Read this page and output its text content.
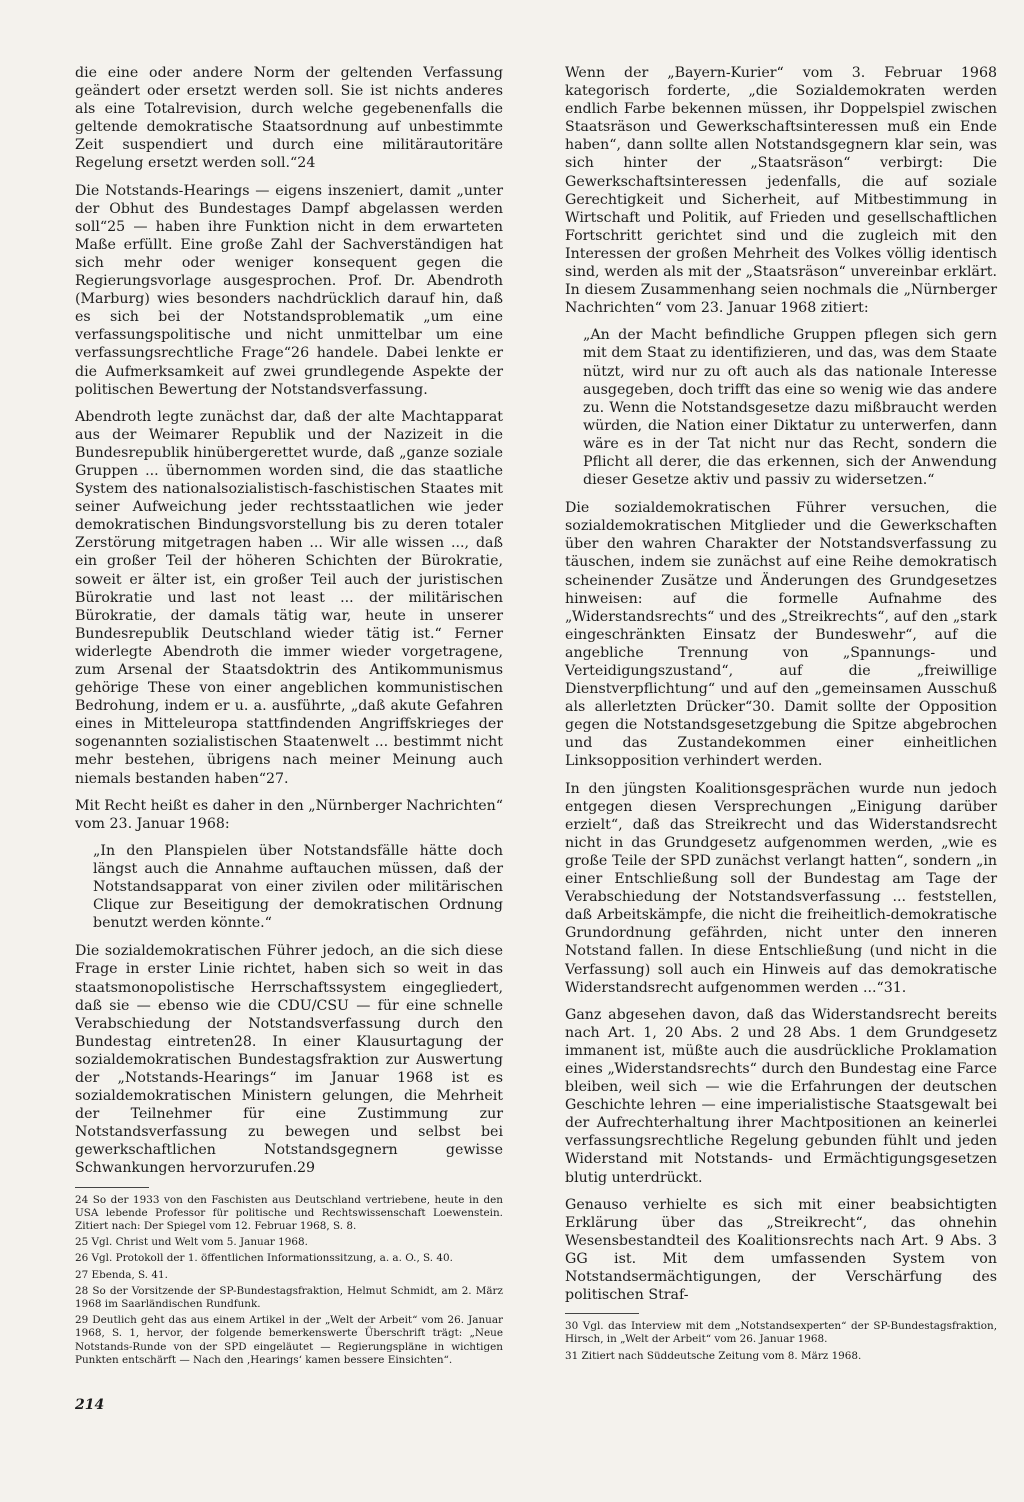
die eine oder andere Norm der geltenden Verfassung geändert oder ersetzt werden soll. Sie ist nichts anderes als eine Totalrevision, durch welche gegebenenfalls die geltende demokratische Staatsordnung auf unbestimmte Zeit suspendiert und durch eine militärautoritäre Regelung ersetzt werden soll.“24

Die Notstands-Hearings — eigens inszeniert, damit „unter der Obhut des Bundestages Dampf abgelassen werden soll“25 — haben ihre Funktion nicht in dem erwarteten Maße erfüllt. Eine große Zahl der Sachverständigen hat sich mehr oder weniger konsequent gegen die Regierungsvorlage ausgesprochen. Prof. Dr. Abendroth (Marburg) wies besonders nachdrücklich darauf hin, daß es sich bei der Notstandsproblematik „um eine verfassungspolitische und nicht unmittelbar um eine verfassungsrechtliche Frage“26 handele. Dabei lenkte er die Aufmerksamkeit auf zwei grundlegende Aspekte der politischen Bewertung der Notstandsverfassung.

Abendroth legte zunächst dar, daß der alte Machtapparat aus der Weimarer Republik und der Nazizeit in die Bundesrepublik hinübergerettet wurde, daß „ganze soziale Gruppen ... übernommen worden sind, die das staatliche System des nationalsozialistisch-faschistischen Staates mit seiner Aufweichung jeder rechtsstaatlichen wie jeder demokratischen Bindungsvorstellung bis zu deren totaler Zerstörung mitgetragen haben ... Wir alle wissen ..., daß ein großer Teil der höheren Schichten der Bürokratie, soweit er älter ist, ein großer Teil auch der juristischen Bürokratie und last not least ... der militärischen Bürokratie, der damals tätig war, heute in unserer Bundesrepublik Deutschland wieder tätig ist.“ Ferner widerlegte Abendroth die immer wieder vorgetragene, zum Arsenal der Staatsdoktrin des Antikommunismus gehörige These von einer angeblichen kommunistischen Bedrohung, indem er u. a. ausführte, „daß akute Gefahren eines in Mitteleuropa stattfindenden Angriffskrieges der sogenannten sozialistischen Staatenwelt ... bestimmt nicht mehr bestehen, übrigens nach meiner Meinung auch niemals bestanden haben“27.

Mit Recht heißt es daher in den „Nürnberger Nachrichten“ vom 23. Januar 1968:

„In den Planspielen über Notstandsfälle hätte doch längst auch die Annahme auftauchen müssen, daß der Notstandsapparat von einer zivilen oder militärischen Clique zur Beseitigung der demokratischen Ordnung benutzt werden könnte.“

Die sozialdemokratischen Führer jedoch, an die sich diese Frage in erster Linie richtet, haben sich so weit in das staatsmonopolistische Herrschaftssystem eingegliedert, daß sie — ebenso wie die CDU/CSU — für eine schnelle Verabschiedung der Notstandsverfassung durch den Bundestag eintreten28. In einer Klausurtagung der sozialdemokratischen Bundestagsfraktion zur Auswertung der „Notstands-Hearings“ im Januar 1968 ist es sozialdemokratischen Ministern gelungen, die Mehrheit der Teilnehmer für eine Zustimmung zur Notstandsverfassung zu bewegen und selbst bei gewerkschaftlichen Notstandsgegnern gewisse Schwankungen hervorzurufen.29

24 So der 1933 von den Faschisten aus Deutschland vertriebene, heute in den USA lebende Professor für politische und Rechtswissenschaft Loewenstein. Zitiert nach: Der Spiegel vom 12. Februar 1968, S. 8.

25 Vgl. Christ und Welt vom 5. Januar 1968.

26 Vgl. Protokoll der 1. öffentlichen Informationssitzung, a. a. O., S. 40.

27 Ebenda, S. 41.

28 So der Vorsitzende der SP-Bundestagsfraktion, Helmut Schmidt, am 2. März 1968 im Saarländischen Rundfunk.

29 Deutlich geht das aus einem Artikel in der „Welt der Arbeit“ vom 26. Januar 1968, S. 1, hervor, der folgende bemerkenswerte Überschrift trägt: „Neue Notstands-Runde von der SPD eingeläutet — Regierungspläne in wichtigen Punkten entschärft — Nach den ‚Hearings‘ kamen bessere Einsichten“.

Wenn der „Bayern-Kurier“ vom 3. Februar 1968 kategorisch forderte, „die Sozialdemokraten werden endlich Farbe bekennen müssen, ihr Doppelspiel zwischen Staatsräson und Gewerkschaftsinteressen muß ein Ende haben“, dann sollte allen Notstandsgegnern klar sein, was sich hinter der „Staatsräson“ verbirgt: Die Gewerkschaftsinteressen jedenfalls, die auf soziale Gerechtigkeit und Sicherheit, auf Mitbestimmung in Wirtschaft und Politik, auf Frieden und gesellschaftlichen Fortschritt gerichtet sind und die zugleich mit den Interessen der großen Mehrheit des Volkes völlig identisch sind, werden als mit der „Staatsräson“ unvereinbar erklärt. In diesem Zusammenhang seien nochmals die „Nürnberger Nachrichten“ vom 23. Januar 1968 zitiert:

„An der Macht befindliche Gruppen pflegen sich gern mit dem Staat zu identifizieren, und das, was dem Staate nützt, wird nur zu oft auch als das nationale Interesse ausgegeben, doch trifft das eine so wenig wie das andere zu. Wenn die Notstandsgesetze dazu mißbraucht werden würden, die Nation einer Diktatur zu unterwerfen, dann wäre es in der Tat nicht nur das Recht, sondern die Pflicht all derer, die das erkennen, sich der Anwendung dieser Gesetze aktiv und passiv zu widersetzen.“

Die sozialdemokratischen Führer versuchen, die sozialdemokratischen Mitglieder und die Gewerkschaften über den wahren Charakter der Notstandsverfassung zu täuschen, indem sie zunächst auf eine Reihe demokratisch scheinender Zusätze und Änderungen des Grundgesetzes hinweisen: auf die formelle Aufnahme des „Widerstandsrechts“ und des „Streikrechts“, auf den „stark eingeschränkten Einsatz der Bundeswehr“, auf die angebliche Trennung von „Spannungs- und Verteidigungszustand“, auf die „freiwillige Dienstverpflichtung“ und auf den „gemeinsamen Ausschuß als allerletzten Drücker“30. Damit sollte der Opposition gegen die Notstandsgesetzgebung die Spitze abgebrochen und das Zustandekommen einer einheitlichen Linksopposition verhindert werden.

In den jüngsten Koalitionsgesprächen wurde nun jedoch entgegen diesen Versprechungen „Einigung darüber erzielt“, daß das Streikrecht und das Widerstandsrecht nicht in das Grundgesetz aufgenommen werden, „wie es große Teile der SPD zunächst verlangt hatten“, sondern „in einer Entschließung soll der Bundestag am Tage der Verabschiedung der Notstandsverfassung ... feststellen, daß Arbeitskämpfe, die nicht die freiheitlich-demokratische Grundordnung gefährden, nicht unter den inneren Notstand fallen. In diese Entschließung (und nicht in die Verfassung) soll auch ein Hinweis auf das demokratische Widerstandsrecht aufgenommen werden ...“31.

Ganz abgesehen davon, daß das Widerstandsrecht bereits nach Art. 1, 20 Abs. 2 und 28 Abs. 1 dem Grundgesetz immanent ist, müßte auch die ausdrückliche Proklamation eines „Widerstandsrechts“ durch den Bundestag eine Farce bleiben, weil sich — wie die Erfahrungen der deutschen Geschichte lehren — eine imperialistische Staatsgewalt bei der Aufrechterhaltung ihrer Machtpositionen an keinerlei verfassungsrechtliche Regelung gebunden fühlt und jeden Widerstand mit Notstands- und Ermächtigungsgesetzen blutig unterdrückt.

Genauso verhielte es sich mit einer beabsichtigten Erklärung über das „Streikrecht“, das ohnehin Wesensbestandteil des Koalitionsrechts nach Art. 9 Abs. 3 GG ist. Mit dem umfassenden System von Notstandsermächtigungen, der Verschärfung des politischen Straf-

30 Vgl. das Interview mit dem „Notstandsexperten“ der SP-Bundestagsfraktion, Hirsch, in „Welt der Arbeit“ vom 26. Januar 1968.

31 Zitiert nach Süddeutsche Zeitung vom 8. März 1968.

214
